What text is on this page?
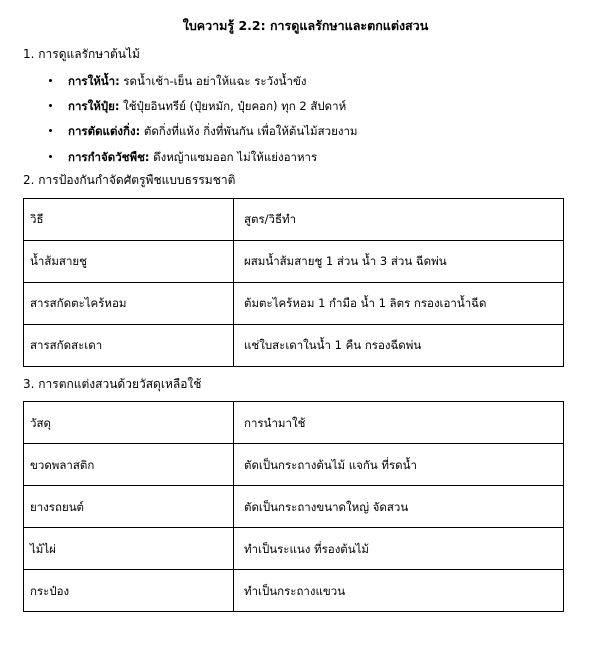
ใบความรู้ 2.2: การดูแลรักษาและตกแต่งสวน
1. การดูแลรักษาต้นไม้
การให้น้ำ: รดน้ำเช้า-เย็น อย่าให้แฉะ ระวังน้ำขัง
การให้ปุ๋ย: ใช้ปุ๋ยอินทรีย์ (ปุ๋ยหมัก, ปุ๋ยคอก) ทุก 2 สัปดาห์
การตัดแต่งกิ่ง: ตัดกิ่งที่แห้ง กิ่งที่พันกัน เพื่อให้ต้นไม้สวยงาม
การกำจัดวัชพืช: ดึงหญ้าแซมออก ไม่ให้แย่งอาหาร
2. การป้องกันกำจัดศัตรูพืชแบบธรรมชาติ
วิธี	สูตร/วิธีทำ
น้ำส้มสายชู	ผสมน้ำส้มสายชู 1 ส่วน น้ำ 3 ส่วน ฉีดพ่น
สารสกัดตะไคร้หอม	ต้มตะไคร้หอม 1 กำมือ น้ำ 1 ลิตร กรองเอาน้ำฉีด
สารสกัดสะเดา	แช่ใบสะเดาในน้ำ 1 คืน กรองฉีดพ่น
3. การตกแต่งสวนด้วยวัสดุเหลือใช้
วัสดุ	การนำมาใช้
ขวดพลาสติก	ตัดเป็นกระถางต้นไม้ แจกัน ที่รดน้ำ
ยางรถยนต์	ตัดเป็นกระถางขนาดใหญ่ จัดสวน
ไม้ไผ่	ทำเป็นระแนง ที่รองต้นไม้
กระป๋อง	ทำเป็นกระถางแขวน
